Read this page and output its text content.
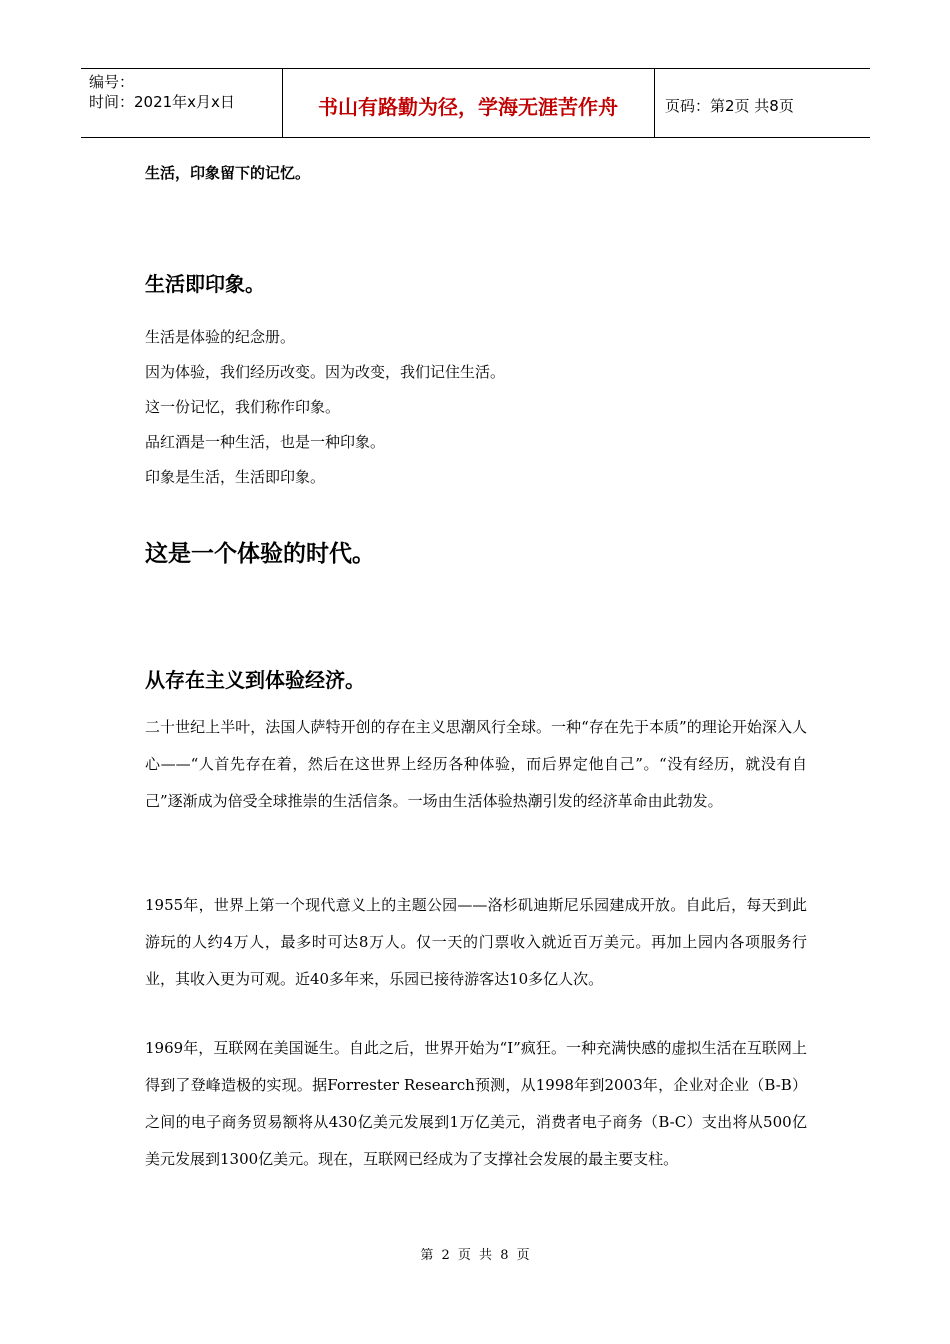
编号：
时间：2021年x月x日	书山有路勤为径，学海无涯苦作舟	页码：第2页 共8页
生活，印象留下的记忆。
生活即印象。

生活是体验的纪念册。

因为体验，我们经历改变。因为改变，我们记住生活。

这一份记忆，我们称作印象。

品红酒是一种生活，也是一种印象。

印象是生活，生活即印象。

这是一个体验的时代。
从存在主义到体验经济。

二十世纪上半叶，法国人萨特开创的存在主义思潮风行全球。一种“存在先于本质”的理论开始深入人心——“人首先存在着，然后在这世界上经历各种体验，而后界定他自己”。“没有经历，就没有自己”逐渐成为倍受全球推崇的生活信条。一场由生活体验热潮引发的经济革命由此勃发。

1955年，世界上第一个现代意义上的主题公园——洛杉矶迪斯尼乐园建成开放。自此后，每天到此游玩的人约4万人，最多时可达8万人。仅一天的门票收入就近百万美元。再加上园内各项服务行业，其收入更为可观。近40多年来，乐园已接待游客达10多亿人次。

1969年，互联网在美国诞生。自此之后，世界开始为“I”疯狂。一种充满快感的虚拟生活在互联网上得到了登峰造极的实现。据Forrester Research预测，从1998年到2003年，企业对企业（B-B）之间的电子商务贸易额将从430亿美元发展到1万亿美元，消费者电子商务（B-C）支出将从500亿美元发展到1300亿美元。现在，互联网已经成为了支撑社会发展的最主要支柱。

第 2 页 共 8 页
